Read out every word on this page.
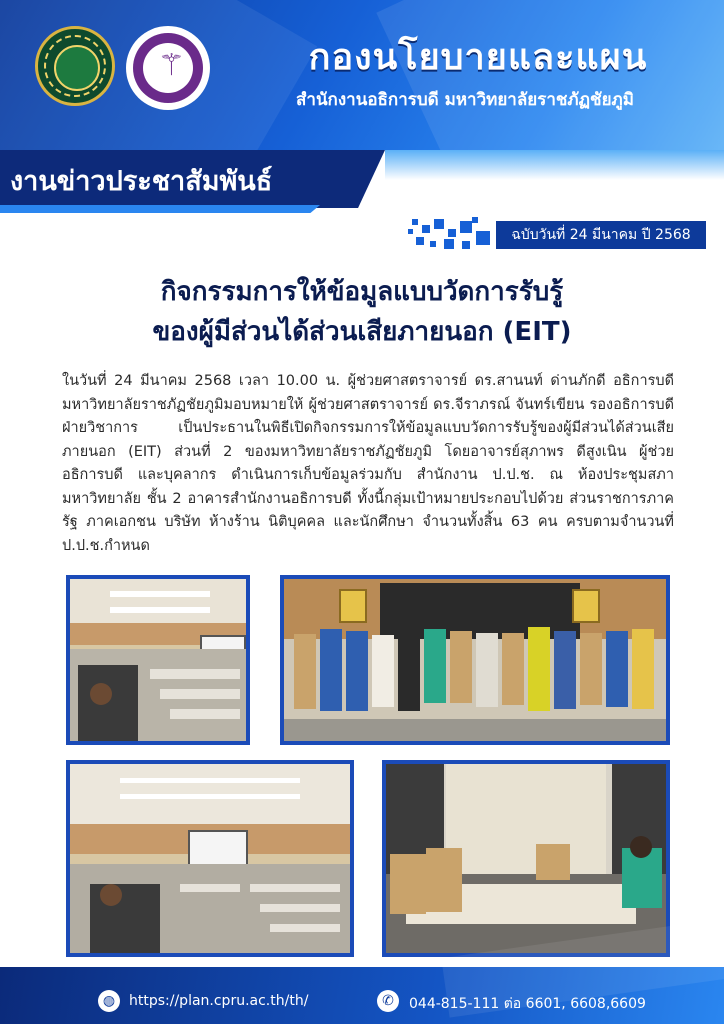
⚚	กองนโยบายและแผน
สำนักงานอธิการบดี มหาวิทยาลัยราชภัฏชัยภูมิ
งานข่าวประชาสัมพันธ์
ฉบับวันที่ 24 มีนาคม ปี 2568
กิจกรรมการให้ข้อมูลแบบวัดการรับรู้
ของผู้มีส่วนได้ส่วนเสียภายนอก (EIT)
ในวันที่ 24 มีนาคม 2568 เวลา 10.00 น. ผู้ช่วยศาสตราจารย์ ดร.สานนท์ ด่านภักดี อธิการบดีมหาวิทยาลัยราชภัฏชัยภูมิมอบหมายให้ ผู้ช่วยศาสตราจารย์ ดร.จีราภรณ์ จันทร์เขียน รองอธิการบดีฝ่ายวิชาการ เป็นประธานในพิธีเปิดกิจกรรมการให้ข้อมูลแบบวัดการรับรู้ของผู้มีส่วนได้ส่วนเสียภายนอก (EIT) ส่วนที่ 2 ของมหาวิทยาลัยราชภัฏชัยภูมิ โดยอาจารย์สุภาพร ดีสูงเนิน ผู้ช่วยอธิการบดี และบุคลากร ดำเนินการเก็บข้อมูลร่วมกับ สำนักงาน ป.ป.ช. ณ ห้องประชุมสภามหาวิทยาลัย ชั้น 2 อาคารสำนักงานอธิการบดี ทั้งนี้กลุ่มเป้าหมายประกอบไปด้วย ส่วนราชการภาครัฐ ภาคเอกชน บริษัท ห้างร้าน นิติบุคคล และนักศึกษา จำนวนทั้งสิ้น 63 คน ครบตามจำนวนที่ป.ป.ช.กำหนด
◍ https://plan.cpru.ac.th/th/	✆	044-815-111 ต่อ 6601, 6608,6609
